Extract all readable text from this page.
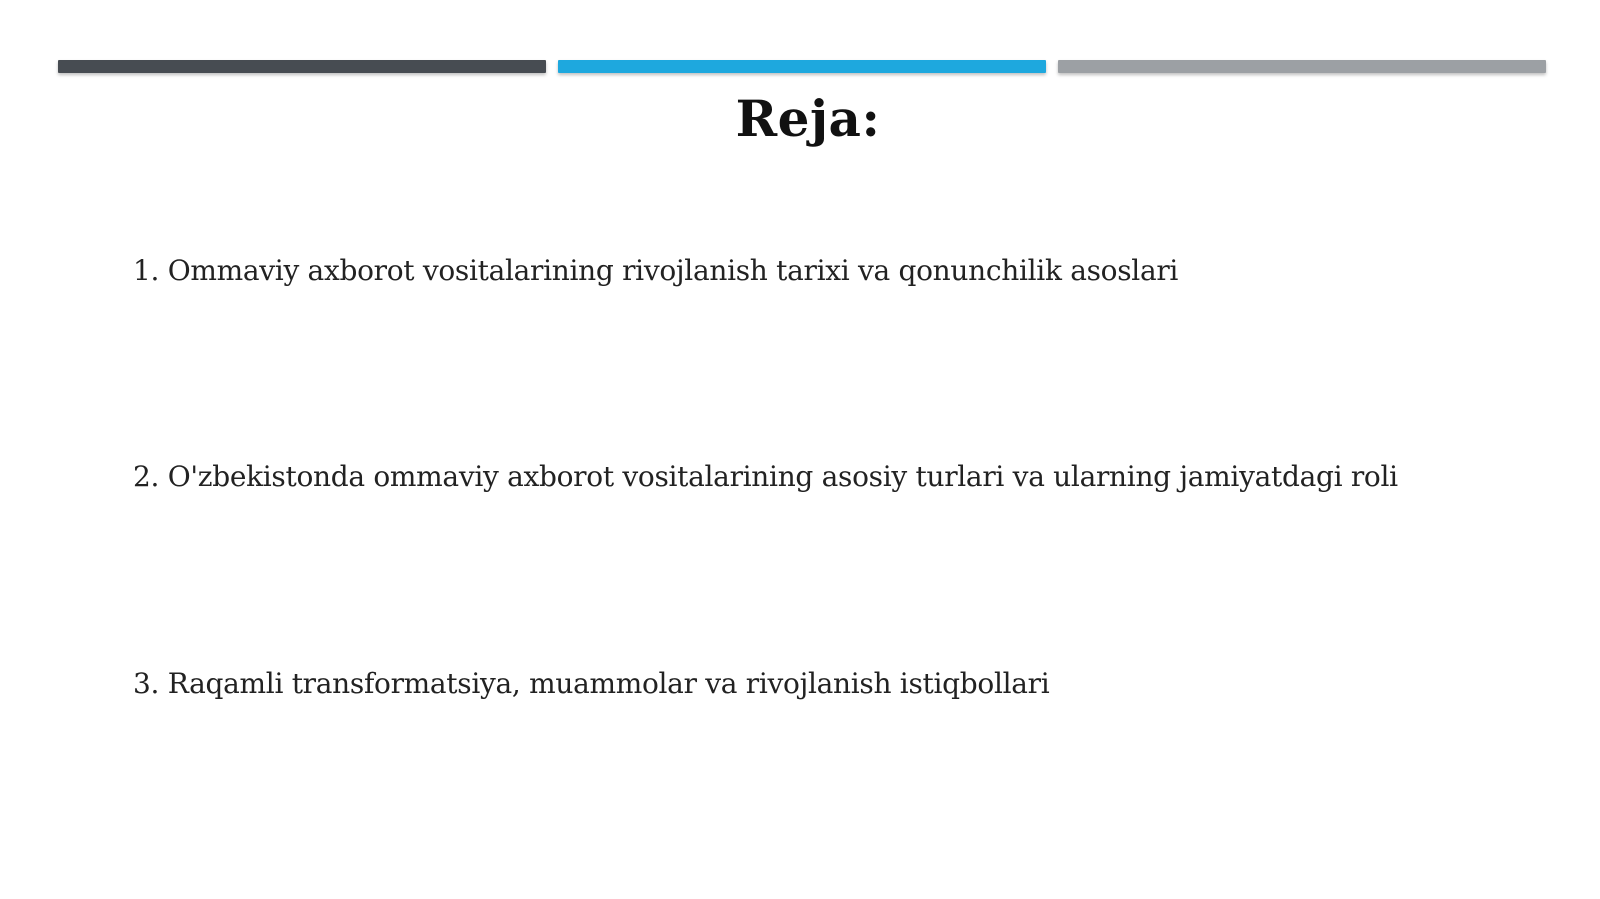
Reja:
1. Ommaviy axborot vositalarining rivojlanish tarixi va qonunchilik asoslari
2. O'zbekistonda ommaviy axborot vositalarining asosiy turlari va ularning jamiyatdagi roli
3. Raqamli transformatsiya, muammolar va rivojlanish istiqbollari
